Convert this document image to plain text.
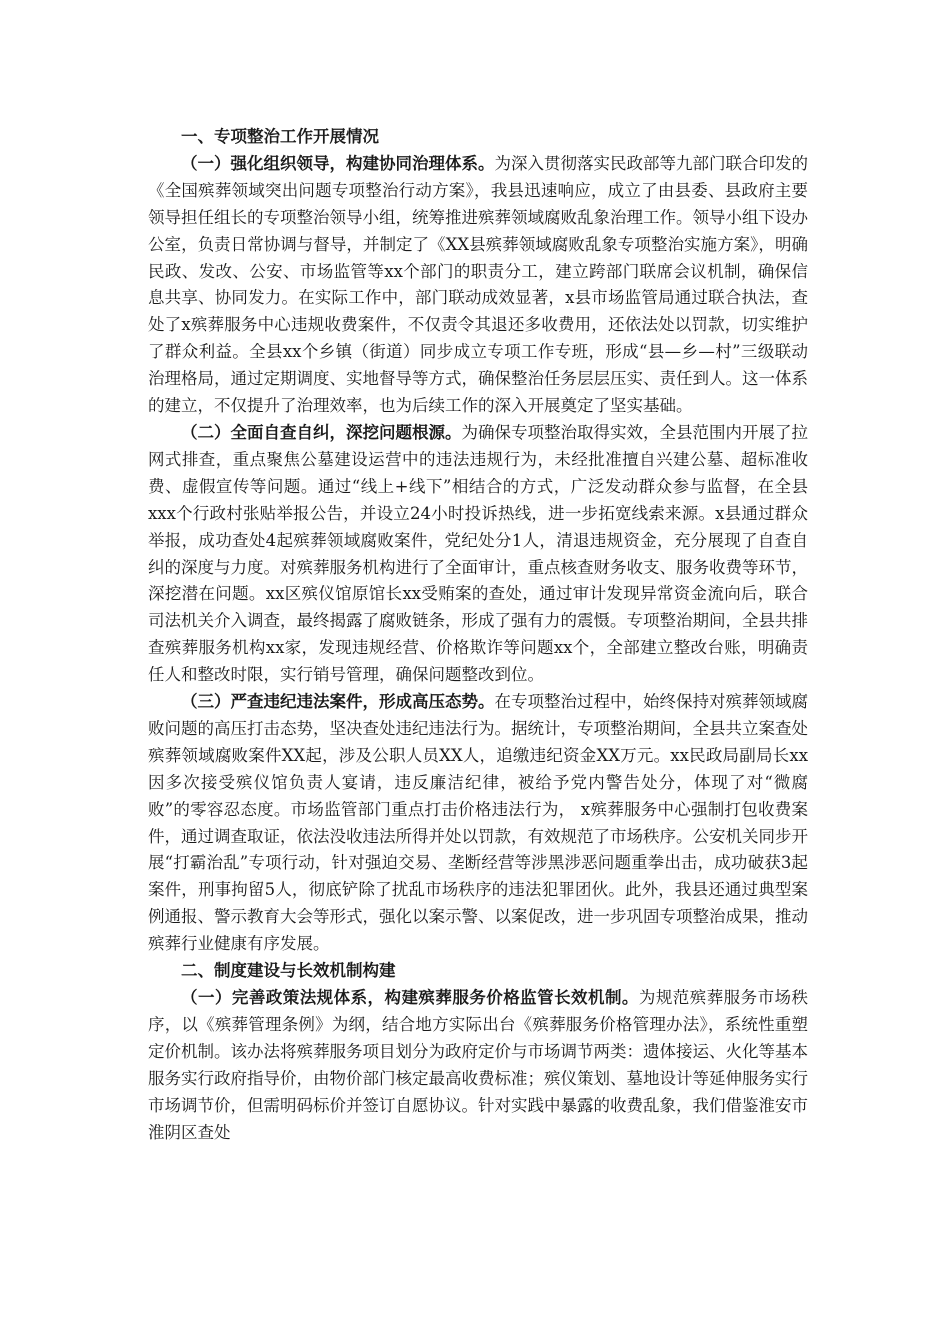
一、专项整治工作开展情况

（一）强化组织领导，构建协同治理体系。为深入贯彻落实民政部等九部门联合印发的《全国殡葬领域突出问题专项整治行动方案》，我县迅速响应，成立了由县委、县政府主要领导担任组长的专项整治领导小组，统筹推进殡葬领域腐败乱象治理工作。领导小组下设办公室，负责日常协调与督导，并制定了《XX县殡葬领域腐败乱象专项整治实施方案》，明确民政、发改、公安、市场监管等xx个部门的职责分工，建立跨部门联席会议机制，确保信息共享、协同发力。在实际工作中，部门联动成效显著，x县市场监管局通过联合执法，查处了x殡葬服务中心违规收费案件，不仅责令其退还多收费用，还依法处以罚款，切实维护了群众利益。全县xx个乡镇（街道）同步成立专项工作专班，形成“县—乡—村”三级联动治理格局，通过定期调度、实地督导等方式，确保整治任务层层压实、责任到人。这一体系的建立，不仅提升了治理效率，也为后续工作的深入开展奠定了坚实基础。

（二）全面自查自纠，深挖问题根源。为确保专项整治取得实效，全县范围内开展了拉网式排查，重点聚焦公墓建设运营中的违法违规行为，未经批准擅自兴建公墓、超标准收费、虚假宣传等问题。通过“线上+线下”相结合的方式，广泛发动群众参与监督，在全县xxx个行政村张贴举报公告，并设立24小时投诉热线，进一步拓宽线索来源。x县通过群众举报，成功查处4起殡葬领域腐败案件，党纪处分1人，清退违规资金，充分展现了自查自纠的深度与力度。对殡葬服务机构进行了全面审计，重点核查财务收支、服务收费等环节，深挖潜在问题。xx区殡仪馆原馆长xx受贿案的查处，通过审计发现异常资金流向后，联合司法机关介入调查，最终揭露了腐败链条，形成了强有力的震慑。专项整治期间，全县共排查殡葬服务机构xx家，发现违规经营、价格欺诈等问题xx个，全部建立整改台账，明确责任人和整改时限，实行销号管理，确保问题整改到位。

（三）严查违纪违法案件，形成高压态势。在专项整治过程中，始终保持对殡葬领域腐败问题的高压打击态势，坚决查处违纪违法行为。据统计，专项整治期间，全县共立案查处殡葬领域腐败案件XX起，涉及公职人员XX人，追缴违纪资金XX万元。xx民政局副局长xx因多次接受殡仪馆负责人宴请，违反廉洁纪律，被给予党内警告处分，体现了对“微腐败”的零容忍态度。市场监管部门重点打击价格违法行为， x殡葬服务中心强制打包收费案件，通过调查取证，依法没收违法所得并处以罚款，有效规范了市场秩序。公安机关同步开展“打霸治乱”专项行动，针对强迫交易、垄断经营等涉黑涉恶问题重拳出击，成功破获3起案件，刑事拘留5人，彻底铲除了扰乱市场秩序的违法犯罪团伙。此外，我县还通过典型案例通报、警示教育大会等形式，强化以案示警、以案促改，进一步巩固专项整治成果，推动殡葬行业健康有序发展。

二、制度建设与长效机制构建

（一）完善政策法规体系，构建殡葬服务价格监管长效机制。为规范殡葬服务市场秩序，以《殡葬管理条例》为纲，结合地方实际出台《殡葬服务价格管理办法》，系统性重塑定价机制。该办法将殡葬服务项目划分为政府定价与市场调节两类：遗体接运、火化等基本服务实行政府指导价，由物价部门核定最高收费标准；殡仪策划、墓地设计等延伸服务实行市场调节价，但需明码标价并签订自愿协议。针对实践中暴露的收费乱象，我们借鉴淮安市淮阴区查处
